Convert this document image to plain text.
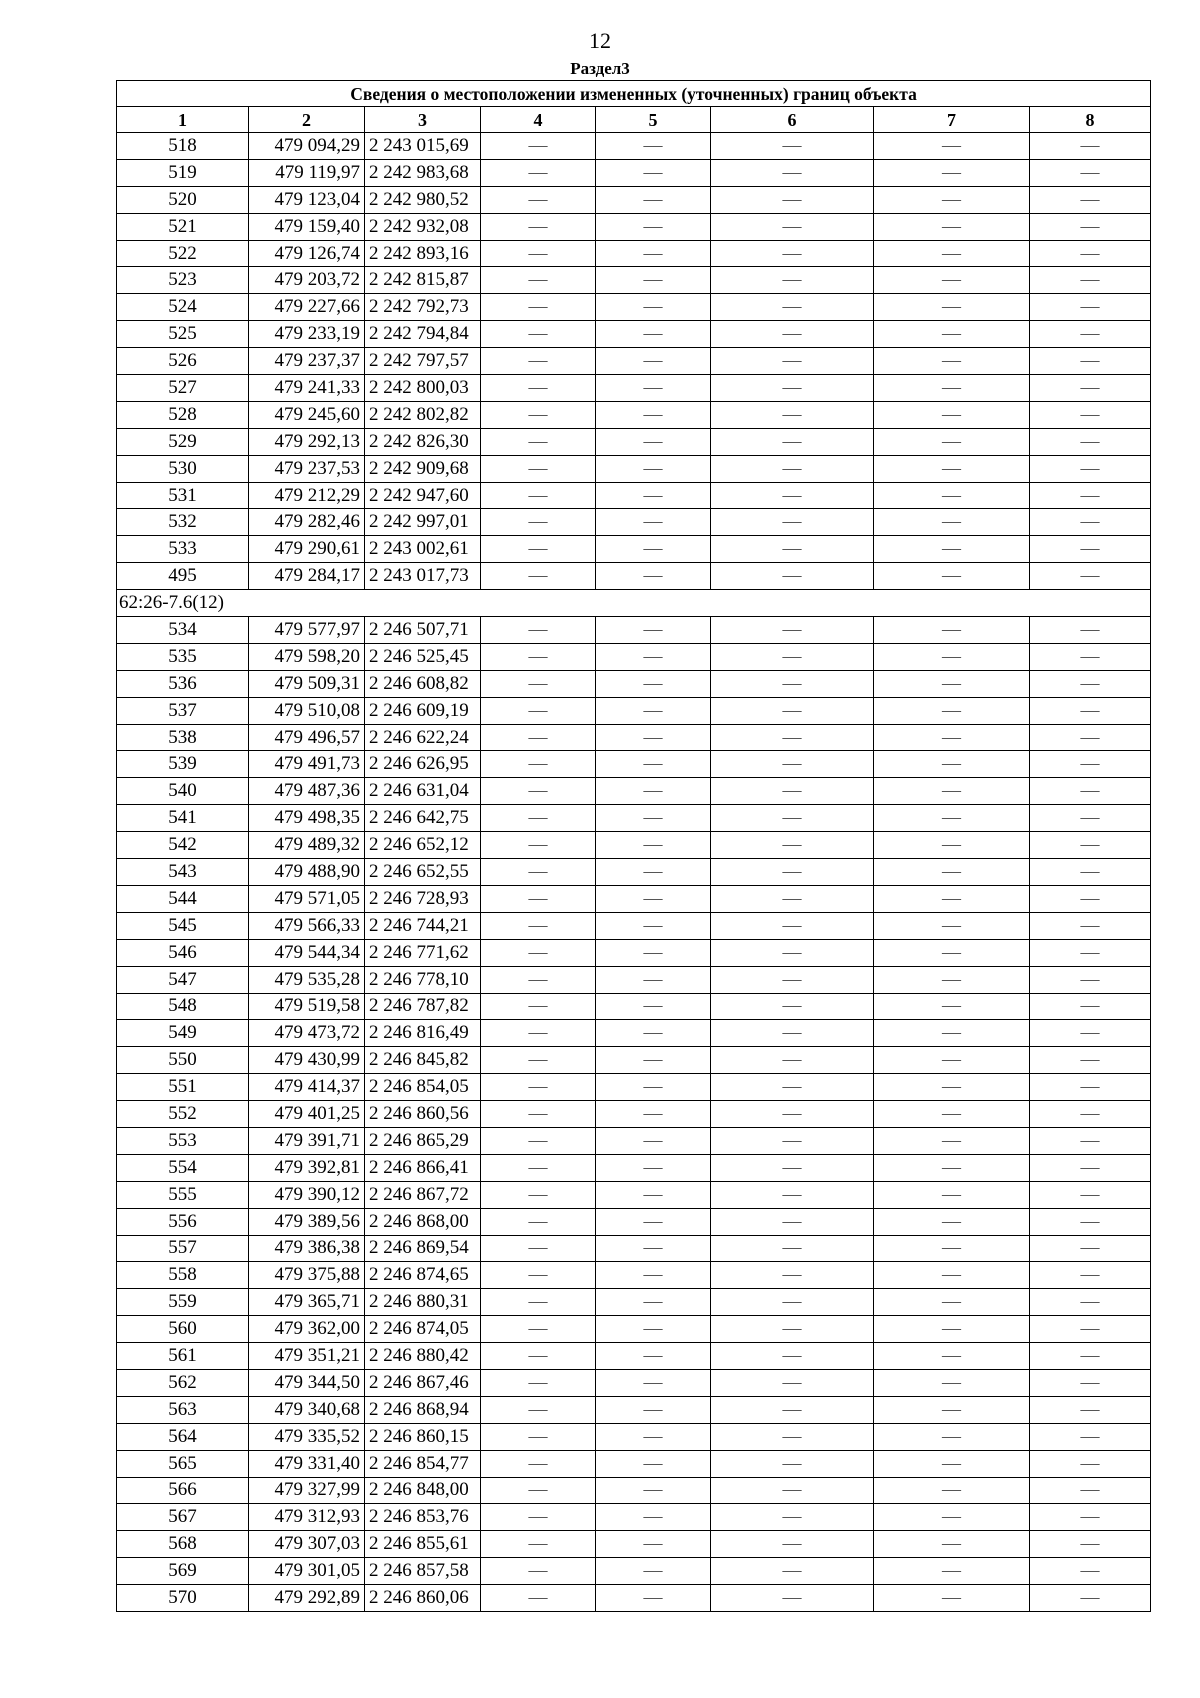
12
Раздел3
Сведения о местоположении измененных (уточненных) границ объекта							
1	2	3	4	5	6	7	8
518	479 094,29	2 243 015,69	—	—	—	—	—
519	479 119,97	2 242 983,68	—	—	—	—	—
520	479 123,04	2 242 980,52	—	—	—	—	—
521	479 159,40	2 242 932,08	—	—	—	—	—
522	479 126,74	2 242 893,16	—	—	—	—	—
523	479 203,72	2 242 815,87	—	—	—	—	—
524	479 227,66	2 242 792,73	—	—	—	—	—
525	479 233,19	2 242 794,84	—	—	—	—	—
526	479 237,37	2 242 797,57	—	—	—	—	—
527	479 241,33	2 242 800,03	—	—	—	—	—
528	479 245,60	2 242 802,82	—	—	—	—	—
529	479 292,13	2 242 826,30	—	—	—	—	—
530	479 237,53	2 242 909,68	—	—	—	—	—
531	479 212,29	2 242 947,60	—	—	—	—	—
532	479 282,46	2 242 997,01	—	—	—	—	—
533	479 290,61	2 243 002,61	—	—	—	—	—
495	479 284,17	2 243 017,73	—	—	—	—	—
62:26-7.6(12)							
534	479 577,97	2 246 507,71	—	—	—	—	—
535	479 598,20	2 246 525,45	—	—	—	—	—
536	479 509,31	2 246 608,82	—	—	—	—	—
537	479 510,08	2 246 609,19	—	—	—	—	—
538	479 496,57	2 246 622,24	—	—	—	—	—
539	479 491,73	2 246 626,95	—	—	—	—	—
540	479 487,36	2 246 631,04	—	—	—	—	—
541	479 498,35	2 246 642,75	—	—	—	—	—
542	479 489,32	2 246 652,12	—	—	—	—	—
543	479 488,90	2 246 652,55	—	—	—	—	—
544	479 571,05	2 246 728,93	—	—	—	—	—
545	479 566,33	2 246 744,21	—	—	—	—	—
546	479 544,34	2 246 771,62	—	—	—	—	—
547	479 535,28	2 246 778,10	—	—	—	—	—
548	479 519,58	2 246 787,82	—	—	—	—	—
549	479 473,72	2 246 816,49	—	—	—	—	—
550	479 430,99	2 246 845,82	—	—	—	—	—
551	479 414,37	2 246 854,05	—	—	—	—	—
552	479 401,25	2 246 860,56	—	—	—	—	—
553	479 391,71	2 246 865,29	—	—	—	—	—
554	479 392,81	2 246 866,41	—	—	—	—	—
555	479 390,12	2 246 867,72	—	—	—	—	—
556	479 389,56	2 246 868,00	—	—	—	—	—
557	479 386,38	2 246 869,54	—	—	—	—	—
558	479 375,88	2 246 874,65	—	—	—	—	—
559	479 365,71	2 246 880,31	—	—	—	—	—
560	479 362,00	2 246 874,05	—	—	—	—	—
561	479 351,21	2 246 880,42	—	—	—	—	—
562	479 344,50	2 246 867,46	—	—	—	—	—
563	479 340,68	2 246 868,94	—	—	—	—	—
564	479 335,52	2 246 860,15	—	—	—	—	—
565	479 331,40	2 246 854,77	—	—	—	—	—
566	479 327,99	2 246 848,00	—	—	—	—	—
567	479 312,93	2 246 853,76	—	—	—	—	—
568	479 307,03	2 246 855,61	—	—	—	—	—
569	479 301,05	2 246 857,58	—	—	—	—	—
570	479 292,89	2 246 860,06	—	—	—	—	—
